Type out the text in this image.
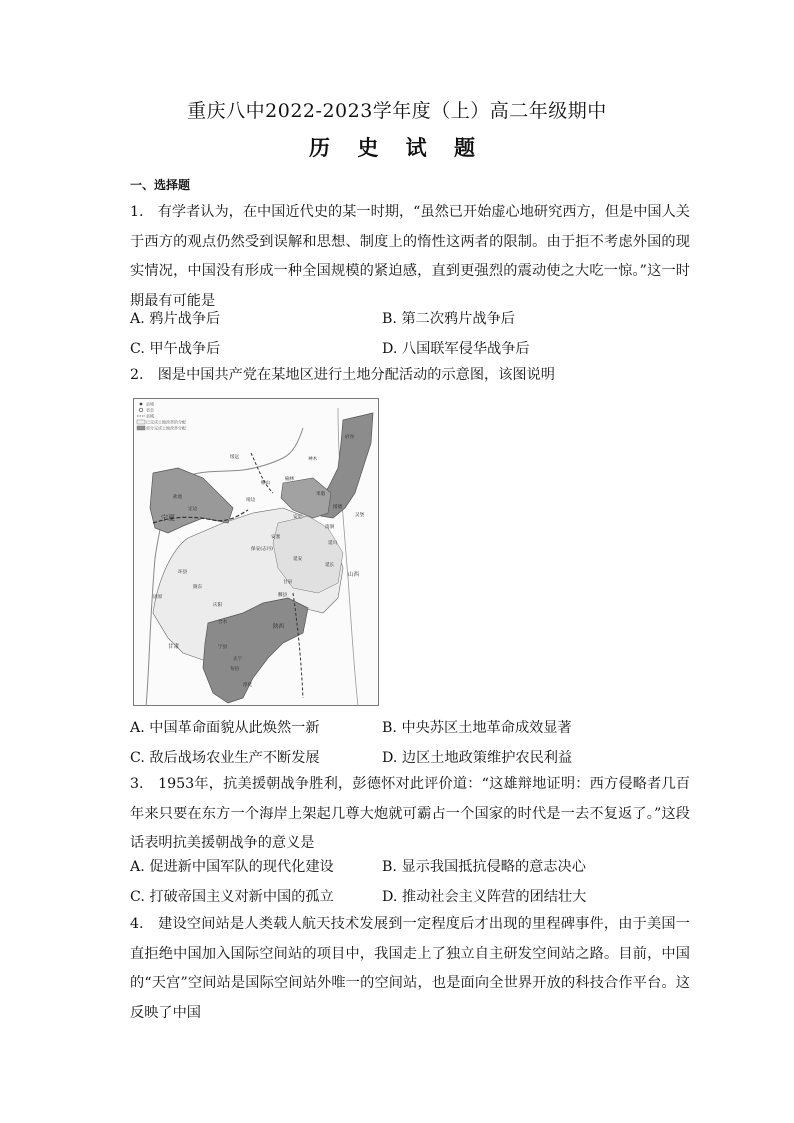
重庆八中2022-2023学年度（上）高二年级期中
历 史 试 题
一、选择题
1.　有学者认为，在中国近代史的某一时期，“虽然已开始虚心地研究西方，但是中国人关于西方的观点仍然受到误解和思想、制度上的惰性这两者的限制。由于拒不考虑外国的现实情况，中国没有形成一种全国规模的紧迫感，直到更强烈的震动使之大吃一惊。”这一时期最有可能是
A. 鸦片战争后	B. 第二次鸦片战争后
C. 甲午战争后	D. 八国联军侵华战争后
2.　图是中国共产党在某地区进行土地分配活动的示意图，该图说明
县城
省会
县城
已完成土地改革的分配
部分完成土地改革分配
绥远
宁夏
盐池
定边
靖边
横山
榆林
神木
府谷
米脂
绥德
吴堡
安定
清涧
延川
延长
延安
保安(志丹)
安塞
甘泉
鄜县
环县
庆阳
合水
宁县
正宁
淳化
旬邑
甘肃
山西
陕西
固原
陇东
A. 中国革命面貌从此焕然一新	B. 中央苏区土地革命成效显著
C. 敌后战场农业生产不断发展	D. 边区土地政策维护农民利益
3.　1953年，抗美援朝战争胜利，彭德怀对此评价道：“这雄辩地证明：西方侵略者几百年来只要在东方一个海岸上架起几尊大炮就可霸占一个国家的时代是一去不复返了。”这段话表明抗美援朝战争的意义是
A. 促进新中国军队的现代化建设	B. 显示我国抵抗侵略的意志决心
C. 打破帝国主义对新中国的孤立	D. 推动社会主义阵营的团结壮大
4.　建设空间站是人类载人航天技术发展到一定程度后才出现的里程碑事件，由于美国一直拒绝中国加入国际空间站的项目中，我国走上了独立自主研发空间站之路。目前，中国的“天宫”空间站是国际空间站外唯一的空间站，也是面向全世界开放的科技合作平台。这反映了中国
